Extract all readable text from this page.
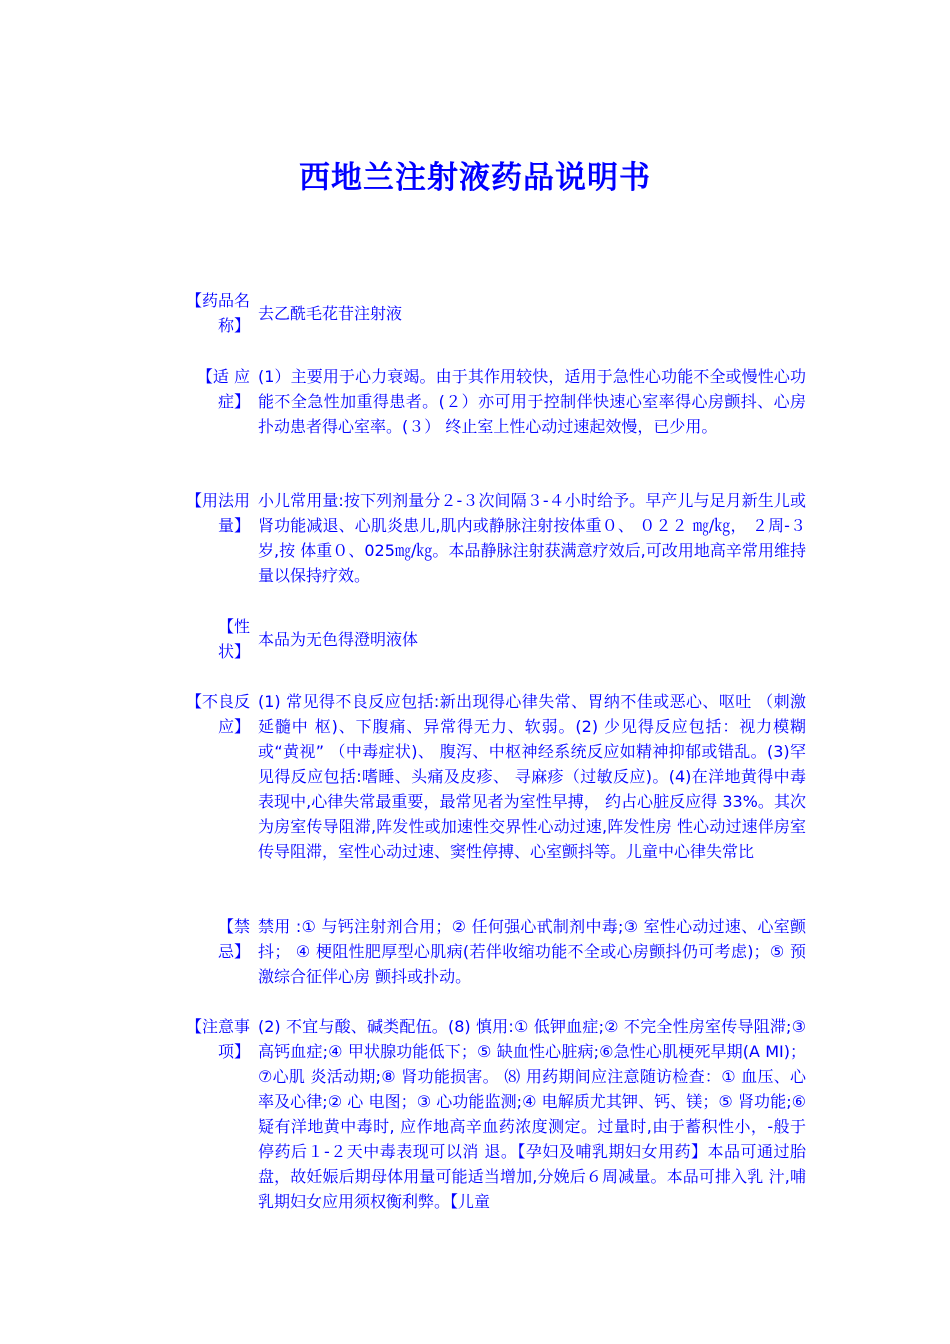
西地兰注射液药品说明书
【药品名
称】
去乙酰毛花苷注射液
【适 应
症】
(1）主要用于心力衰竭。由于其作用较快，适用于急性心功能不全或慢性心功能不全急性加重得患者。(２）亦可用于控制伴快速心室率得心房颤抖、心房扑动患者得心室率。(３） 终止室上性心动过速起效慢，已少用。
【用法用
量】
小儿常用量:按下列剂量分２-３次间隔３-４小时给予。早产儿与足月新生儿或肾功能减退、心肌炎患儿,肌内或静脉注射按体重０、 ０２２ ㎎/㎏， ２周-３岁,按 体重０、025㎎/㎏。本品静脉注射获满意疗效后,可改用地高辛常用维持量以保持疗效。
【性
状】
本品为无色得澄明液体
【不良反
应】
(1) 常见得不良反应包括:新出现得心律失常、胃纳不佳或恶心、呕吐 （刺激延髓中 枢)、下腹痛、异常得无力、软弱。(2) 少见得反应包括：视力模糊或“黄视” （中毒症状)、 腹泻、中枢神经系统反应如精神抑郁或错乱。(3)罕见得反应包括:嗜睡、头痛及皮疹、 寻麻疹（过敏反应)。(4)在洋地黄得中毒表现中,心律失常最重要，最常见者为室性早搏， 约占心脏反应得 33%。其次为房室传导阻滞,阵发性或加速性交界性心动过速,阵发性房 性心动过速伴房室传导阻滞，室性心动过速、窦性停搏、心室颤抖等。儿童中心律失常比
【禁
忌】
禁用 :① 与钙注射剂合用；② 任何强心甙制剂中毒;③ 室性心动过速、心室颤抖； ④ 梗阻性肥厚型心肌病(若伴收缩功能不全或心房颤抖仍可考虑)；⑤ 预激综合征伴心房 颤抖或扑动。
【注意事
项】
(2) 不宜与酸、碱类配伍。(8) 慎用:① 低钾血症;② 不完全性房室传导阻滞;③ 高钙血症;④ 甲状腺功能低下；⑤ 缺血性心脏病;⑥急性心肌梗死早期(A MI)；⑦心肌 炎活动期;⑧ 肾功能损害。 ⑻ 用药期间应注意随访检查：① 血压、心率及心律;② 心 电图；③ 心功能监测;④ 电解质尤其钾、钙、镁；⑤ 肾功能;⑥ 疑有洋地黄中毒时, 应作地高辛血药浓度测定。过量时,由于蓄积性小，-般于停药后１-２天中毒表现可以消 退。【孕妇及哺乳期妇女用药】本品可通过胎盘，故妊娠后期母体用量可能适当增加,分娩后６周减量。本品可排入乳 汁,哺乳期妇女应用须权衡利弊。【儿童
